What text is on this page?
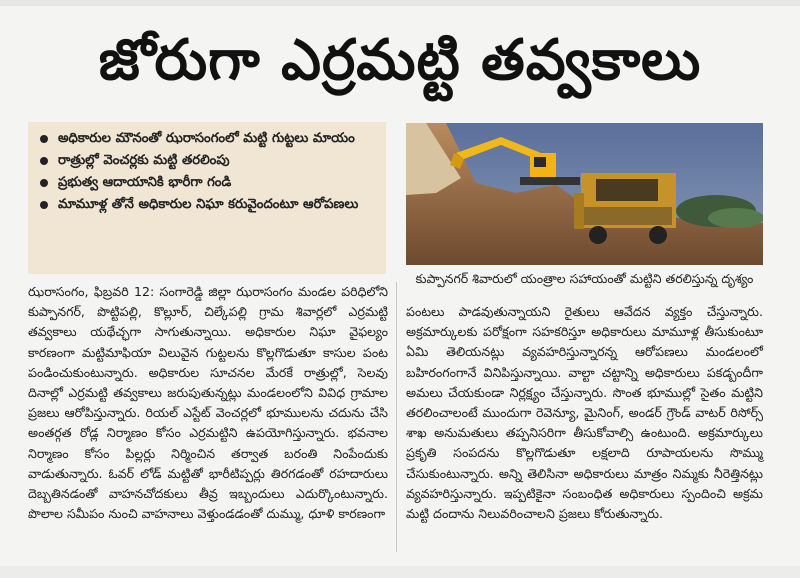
జోరుగా ఎర్రమట్టి తవ్వకాలు
అధికారుల మౌనంతో ఝరాసంగంలో మట్టి గుట్టలు మాయం
రాత్రుల్లో వెంచర్లకు మట్టి తరలింపు
ప్రభుత్వ ఆదాయానికి భారీగా గండి
మామూళ్ల తోనే అధికారుల నిఘా కరువైందంటూ ఆరోపణలు
కుప్పానగర్ శివారులో యంత్రాల సహాయంతో మట్టిని తరలిస్తున్న దృశ్యం

ఝరాసంగం, ఫిబ్రవరి 12: సంగారెడ్డి జిల్లా ఝరాసంగం మండల పరిధిలోని కుప్పానగర్, పొట్టిపల్లి, కొల్లూర్, చిల్కేపల్లి గ్రామ శివార్లలో ఎర్రమట్టి తవ్వకాలు యథేచ్ఛగా సాగుతున్నాయి. అధికారుల నిఘా వైఫల్యం కారణంగా మట్టిమాఫియా విలువైన గుట్టలను కొల్లగొడుతూ కాసుల పంట పండించుకుంటున్నారు. అధికారుల సూచనల మేరకే రాత్రుల్లో, సెలవు దినాల్లో ఎర్రమట్టి తవ్వకాలు జరుపుతున్నట్లు మండలంలోని వివిధ గ్రామాల ప్రజలు ఆరోపిస్తున్నారు. రియల్ ఎస్టేట్ వెంచర్లలో భూములను చదును చేసి అంతర్గత రోడ్ల నిర్మాణం కోసం ఎర్రమట్టిని ఉపయోగిస్తున్నారు. భవనాల నిర్మాణం కోసం పిల్లర్లు నిర్మించిన తర్వాత బరంతి నింపేందుకు వాడుతున్నారు. ఓవర్ లోడ్ మట్టితో భారీటిప్పర్లు తిరగడంతో రహదారులు దెబ్బతినడంతో వాహనచోదకులు తీవ్ర ఇబ్బందులు ఎదుర్కొంటున్నారు. పొలాల సమీపం నుంచి వాహనాలు వెళ్తుండడంతో దుమ్ము, ధూళి కారణంగా

పంటలు పాడవుతున్నాయని రైతులు ఆవేదన వ్యక్తం చేస్తున్నారు. అక్రమార్కులకు పరోక్షంగా సహకరిస్తూ అధికారులు మామూళ్ల తీసుకుంటూ ఏమి తెలియనట్లు వ్యవహరిస్తున్నారన్న ఆరోపణలు మండలంలో బహిరంగంగానే వినిపిస్తున్నాయి. వాల్టా చట్టాన్ని అధికారులు పకడ్బందీగా అమలు చేయకుండా నిర్లక్ష్యం చేస్తున్నారు. సొంత భూముల్లో సైతం మట్టిని తరలించాలంటే ముందుగా రెవెన్యూ, మైనింగ్, అండర్ గ్రౌండ్ వాటర్ రిసోర్స్ శాఖ అనుమతులు తప్పనిసరిగా తీసుకోవాల్సి ఉంటుంది. అక్రమార్కులు ప్రకృతి సంపదను కొల్లగొడుతూ లక్షలాది రూపాయలను సొమ్ము చేసుకుంటున్నారు. అన్ని తెలిసినా అధికారులు మాత్రం నిమ్మకు నీరెత్తినట్లు వ్యవహరిస్తున్నారు. ఇప్పటికైనా సంబంధిత అధికారులు స్పందించి అక్రమ మట్టి దందాను నిలువరించాలని ప్రజలు కోరుతున్నారు.
